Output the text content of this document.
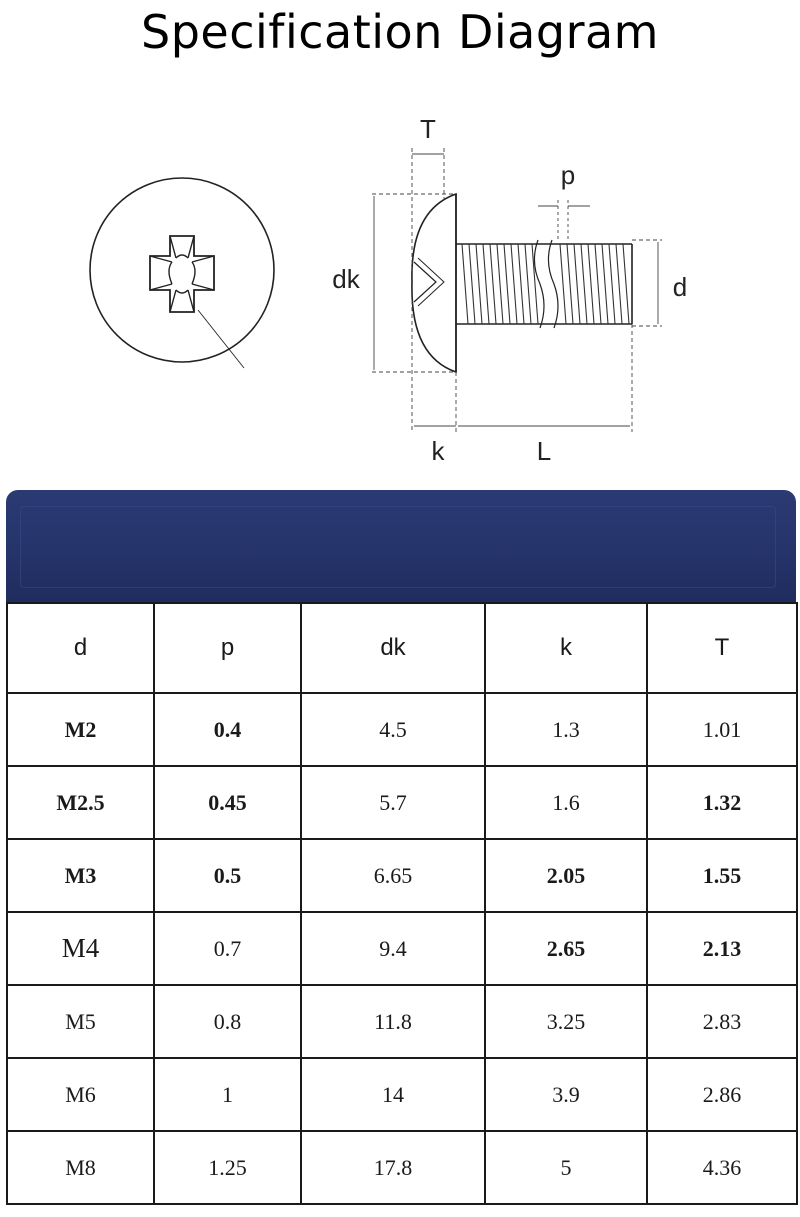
Specification Diagram
T
p
dk	d
k	L
d	p	dk	k	T
M2	0.4	4.5	1.3	1.01
M2.5	0.45	5.7	1.6	1.32
M3	0.5	6.65	2.05	1.55
M4	0.7	9.4	2.65	2.13
M5	0.8	11.8	3.25	2.83
M6	1	14	3.9	2.86
M8	1.25	17.8	5	4.36
